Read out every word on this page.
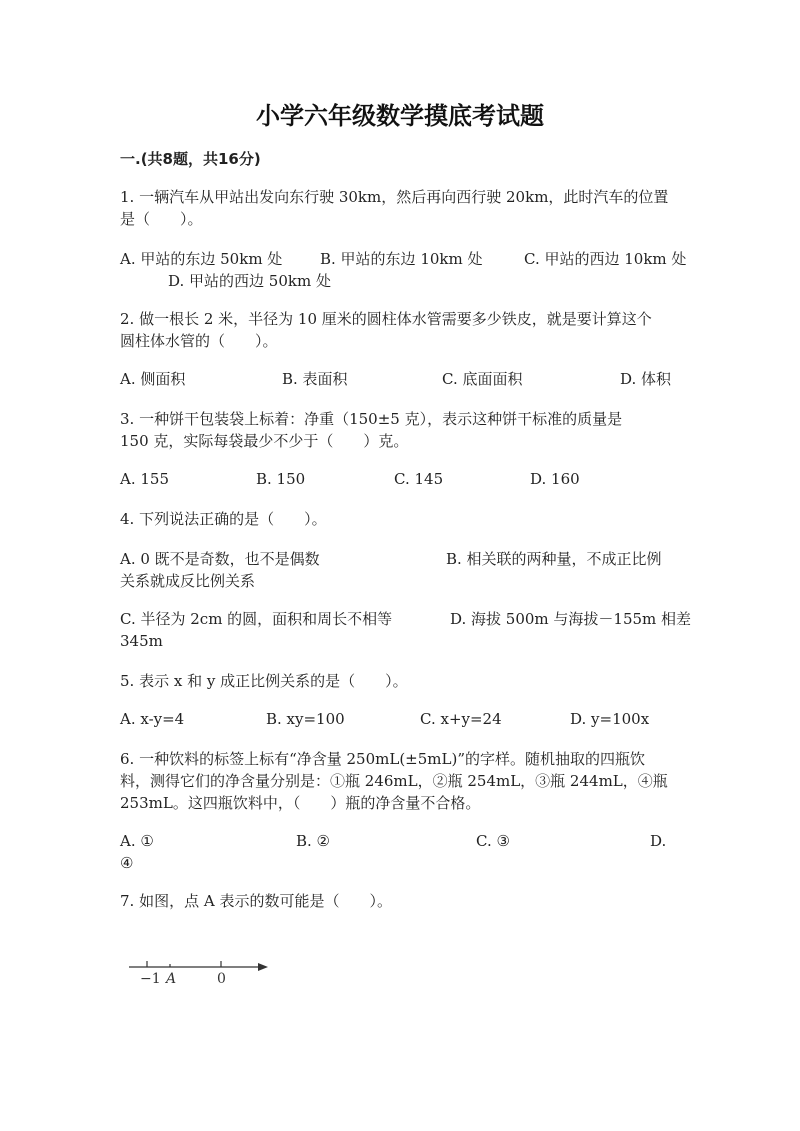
小学六年级数学摸底考试题
一.(共8题，共16分)
1. 一辆汽车从甲站出发向东行驶 30km，然后再向西行驶 20km，此时汽车的位置
是（　　）。
A. 甲站的东边 50km 处	B. 甲站的东边 10km 处	C. 甲站的西边 10km 处
D. 甲站的西边 50km 处
2. 做一根长 2 米，半径为 10 厘米的圆柱体水管需要多少铁皮，就是要计算这个
圆柱体水管的（　　）。
A. 侧面积	B. 表面积	C. 底面面积	D. 体积
3. 一种饼干包装袋上标着：净重（150±5 克），表示这种饼干标准的质量是
150 克，实际每袋最少不少于（　　）克。
A. 155	B. 150	C. 145	D. 160
4. 下列说法正确的是（　　）。
A. 0 既不是奇数，也不是偶数	B. 相关联的两种量，不成正比例
关系就成反比例关系
C. 半径为 2cm 的圆，面积和周长不相等	D. 海拔 500m 与海拔－155m 相差
345m
5. 表示 x 和 y 成正比例关系的是（　　）。
A. x-y=4	B. xy=100	C. x+y=24	D. y=100x
6. 一种饮料的标签上标有“净含量 250mL(±5mL)”的字样。随机抽取的四瓶饮
料，测得它们的净含量分别是：①瓶 246mL，②瓶 254mL，③瓶 244mL，④瓶
253mL。这四瓶饮料中，（　　）瓶的净含量不合格。
A. ①	B. ②	C. ③	D.
④
7. 如图，点 A 表示的数可能是（　　）。
−1 A	0
